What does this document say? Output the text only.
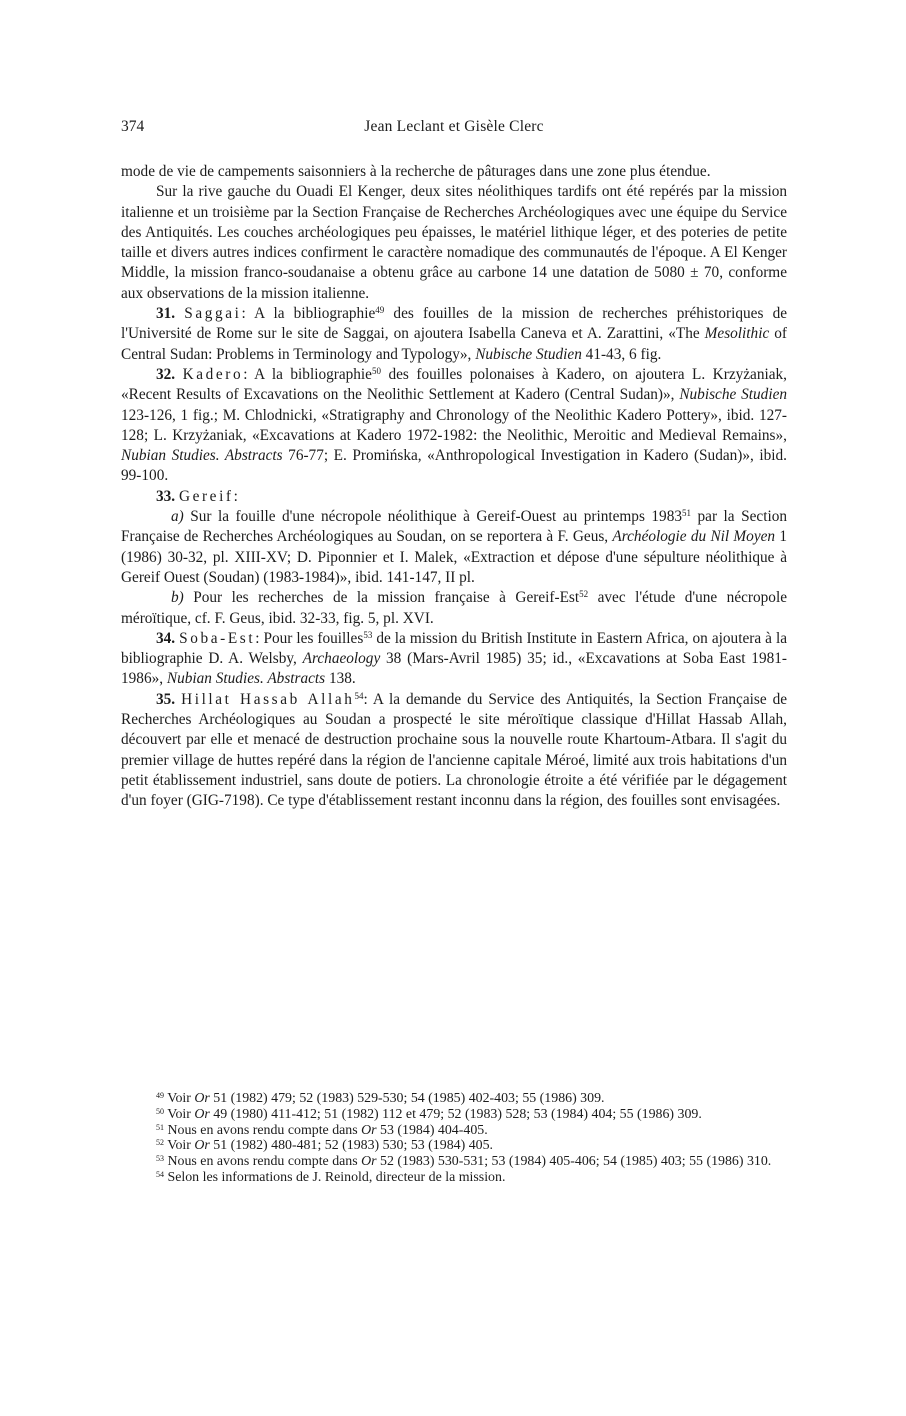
374	Jean Leclant et Gisèle Clerc

mode de vie de campements saisonniers à la recherche de pâturages dans une zone plus étendue.

Sur la rive gauche du Ouadi El Kenger, deux sites néolithiques tardifs ont été repérés par la mission italienne et un troisième par la Section Française de Recherches Archéologiques avec une équipe du Service des Antiquités. Les couches archéologiques peu épaisses, le matériel lithique léger, et des poteries de petite taille et divers autres indices confirment le caractère nomadique des communautés de l'époque. A El Kenger Middle, la mission franco-soudanaise a obtenu grâce au carbone 14 une datation de 5080 ± 70, conforme aux observations de la mission italienne.

31. Saggai: A la bibliographie$^{49}$ des fouilles de la mission de recherches préhistoriques de l'Université de Rome sur le site de Saggai, on ajoutera Isabella Caneva et A. Zarattini, «The Mesolithic of Central Sudan: Problems in Terminology and Typology», Nubische Studien 41-43, 6 fig.

32. Kadero: A la bibliographie$^{50}$ des fouilles polonaises à Kadero, on ajoutera L. Krzyżaniak, «Recent Results of Excavations on the Neolithic Settlement at Kadero (Central Sudan)», Nubische Studien 123-126, 1 fig.; M. Chlodnicki, «Stratigraphy and Chronology of the Neolithic Kadero Pottery», ibid. 127-128; L. Krzyżaniak, «Excavations at Kadero 1972-1982: the Neolithic, Meroitic and Medieval Remains», Nubian Studies. Abstracts 76-77; E. Promińska, «Anthropological Investigation in Kadero (Sudan)», ibid. 99-100.

33. Gereif:

a) Sur la fouille d'une nécropole néolithique à Gereif-Ouest au printemps 1983$^{51}$ par la Section Française de Recherches Archéologiques au Soudan, on se reportera à F. Geus, Archéologie du Nil Moyen 1 (1986) 30-32, pl. XIII-XV; D. Piponnier et I. Malek, «Extraction et dépose d'une sépulture néolithique à Gereif Ouest (Soudan) (1983-1984)», ibid. 141-147, II pl.

b) Pour les recherches de la mission française à Gereif-Est$^{52}$ avec l'étude d'une nécropole méroïtique, cf. F. Geus, ibid. 32-33, fig. 5, pl. XVI.

34. Soba-Est: Pour les fouilles$^{53}$ de la mission du British Institute in Eastern Africa, on ajoutera à la bibliographie D. A. Welsby, Archaeology 38 (Mars-Avril 1985) 35; id., «Excavations at Soba East 1981-1986», Nubian Studies. Abstracts 138.

35. Hillat Hassab Allah$^{54}$: A la demande du Service des Antiquités, la Section Française de Recherches Archéologiques au Soudan a prospecté le site méroïtique classique d'Hillat Hassab Allah, découvert par elle et menacé de destruction prochaine sous la nouvelle route Khartoum-Atbara. Il s'agit du premier village de huttes repéré dans la région de l'ancienne capitale Méroé, limité aux trois habitations d'un petit établissement industriel, sans doute de potiers. La chronologie étroite a été vérifiée par le dégagement d'un foyer (GIG-7198). Ce type d'établissement restant inconnu dans la région, des fouilles sont envisagées.

$^{49}$ Voir Or 51 (1982) 479; 52 (1983) 529-530; 54 (1985) 402-403; 55 (1986) 309.

$^{50}$ Voir Or 49 (1980) 411-412; 51 (1982) 112 et 479; 52 (1983) 528; 53 (1984) 404; 55 (1986) 309.

$^{51}$ Nous en avons rendu compte dans Or 53 (1984) 404-405.

$^{52}$ Voir Or 51 (1982) 480-481; 52 (1983) 530; 53 (1984) 405.

$^{53}$ Nous en avons rendu compte dans Or 52 (1983) 530-531; 53 (1984) 405-406; 54 (1985) 403; 55 (1986) 310.

$^{54}$ Selon les informations de J. Reinold, directeur de la mission.
